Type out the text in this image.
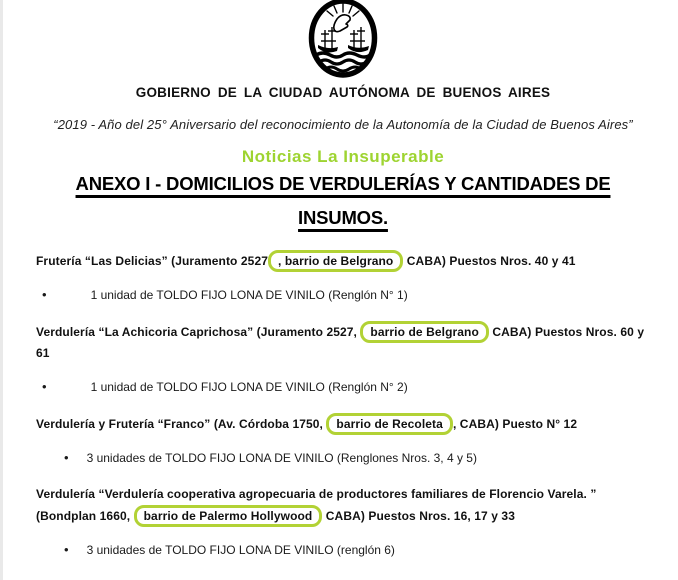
GOBIERNO DE LA CIUDAD AUTÓNOMA DE BUENOS AIRES

“2019 - Año del 25° Aniversario del reconocimiento de la Autonomía de la Ciudad de Buenos Aires”

Noticias La Insuperable

ANEXO I - DOMICILIOS DE VERDULERÍAS Y CANTIDADES DE
INSUMOS.

Frutería “Las Delicias” (Juramento 2527 , barrio de Belgrano CABA) Puestos Nros. 40 y 41

•	1 unidad de TOLDO FIJO LONA DE VINILO (Renglón N° 1)

Verdulería “La Achicoria Caprichosa” (Juramento 2527, barrio de Belgrano CABA) Puestos Nros. 60 y 61

•	1 unidad de TOLDO FIJO LONA DE VINILO (Renglón N° 2)

Verdulería y Frutería “Franco” (Av. Córdoba 1750, barrio de Recoleta , CABA) Puesto N° 12

• 3 unidades de TOLDO FIJO LONA DE VINILO (Renglones Nros. 3, 4 y 5)

Verdulería “Verdulería cooperativa agropecuaria de productores familiares de Florencio Varela. ” (Bondplan 1660, barrio de Palermo Hollywood CABA) Puestos Nros. 16, 17 y 33

• 3 unidades de TOLDO FIJO LONA DE VINILO (renglón 6)
